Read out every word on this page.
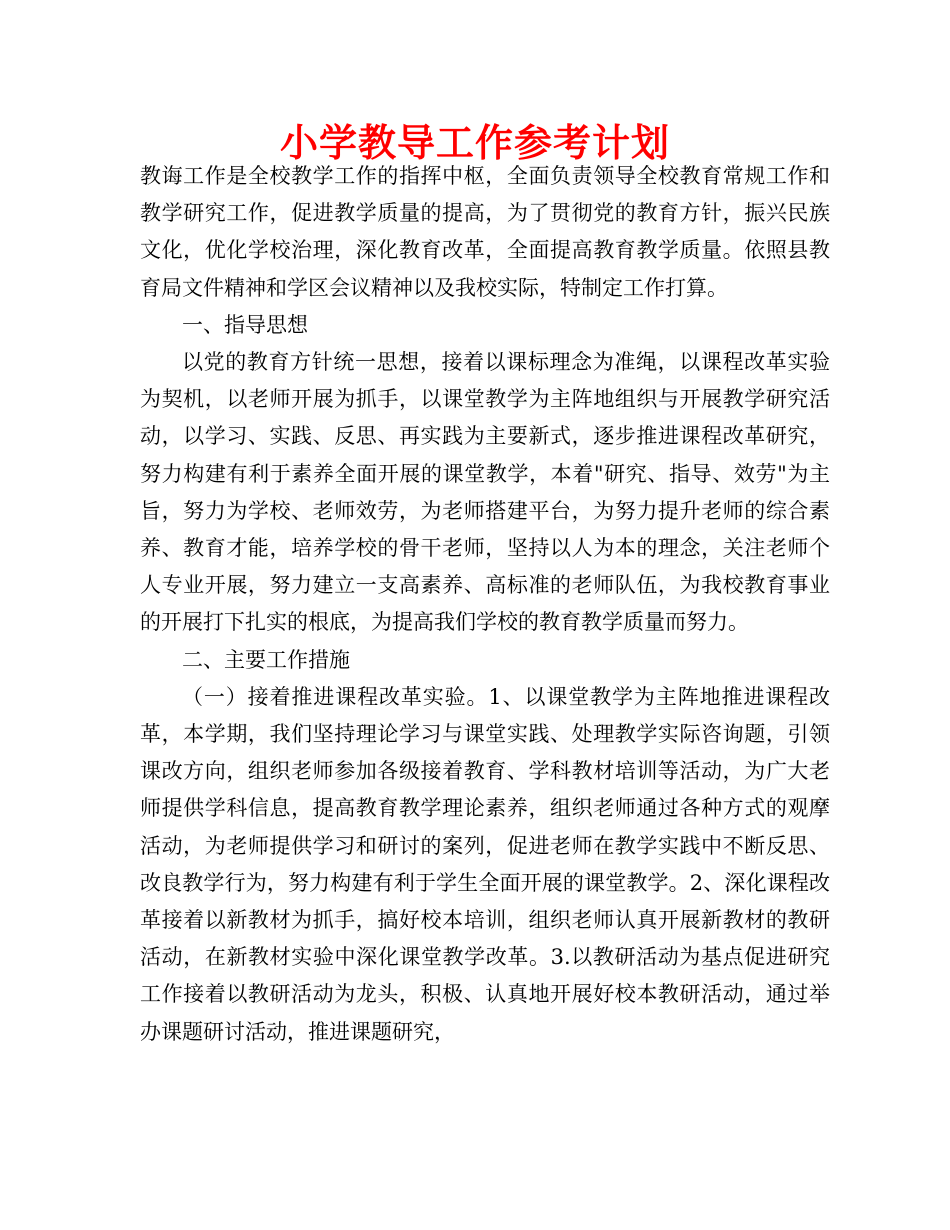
小学教导工作参考计划

教诲工作是全校教学工作的指挥中枢，全面负责领导全校教育常规工作和教学研究工作，促进教学质量的提高，为了贯彻党的教育方针，振兴民族文化，优化学校治理，深化教育改革，全面提高教育教学质量。依照县教育局文件精神和学区会议精神以及我校实际，特制定工作打算。

一、指导思想

以党的教育方针统一思想，接着以课标理念为准绳，以课程改革实验为契机，以老师开展为抓手，以课堂教学为主阵地组织与开展教学研究活动，以学习、实践、反思、再实践为主要新式，逐步推进课程改革研究，努力构建有利于素养全面开展的课堂教学，本着"研究、指导、效劳"为主旨，努力为学校、老师效劳，为老师搭建平台，为努力提升老师的综合素养、教育才能，培养学校的骨干老师，坚持以人为本的理念，关注老师个人专业开展，努力建立一支高素养、高标准的老师队伍，为我校教育事业的开展打下扎实的根底，为提高我们学校的教育教学质量而努力。

二、主要工作措施

（一）接着推进课程改革实验。1、以课堂教学为主阵地推进课程改革，本学期，我们坚持理论学习与课堂实践、处理教学实际咨询题，引领课改方向，组织老师参加各级接着教育、学科教材培训等活动，为广大老师提供学科信息，提高教育教学理论素养，组织老师通过各种方式的观摩活动，为老师提供学习和研讨的案列，促进老师在教学实践中不断反思、改良教学行为，努力构建有利于学生全面开展的课堂教学。2、深化课程改革接着以新教材为抓手，搞好校本培训，组织老师认真开展新教材的教研活动，在新教材实验中深化课堂教学改革。3.以教研活动为基点促进研究工作接着以教研活动为龙头，积极、认真地开展好校本教研活动，通过举办课题研讨活动，推进课题研究，
